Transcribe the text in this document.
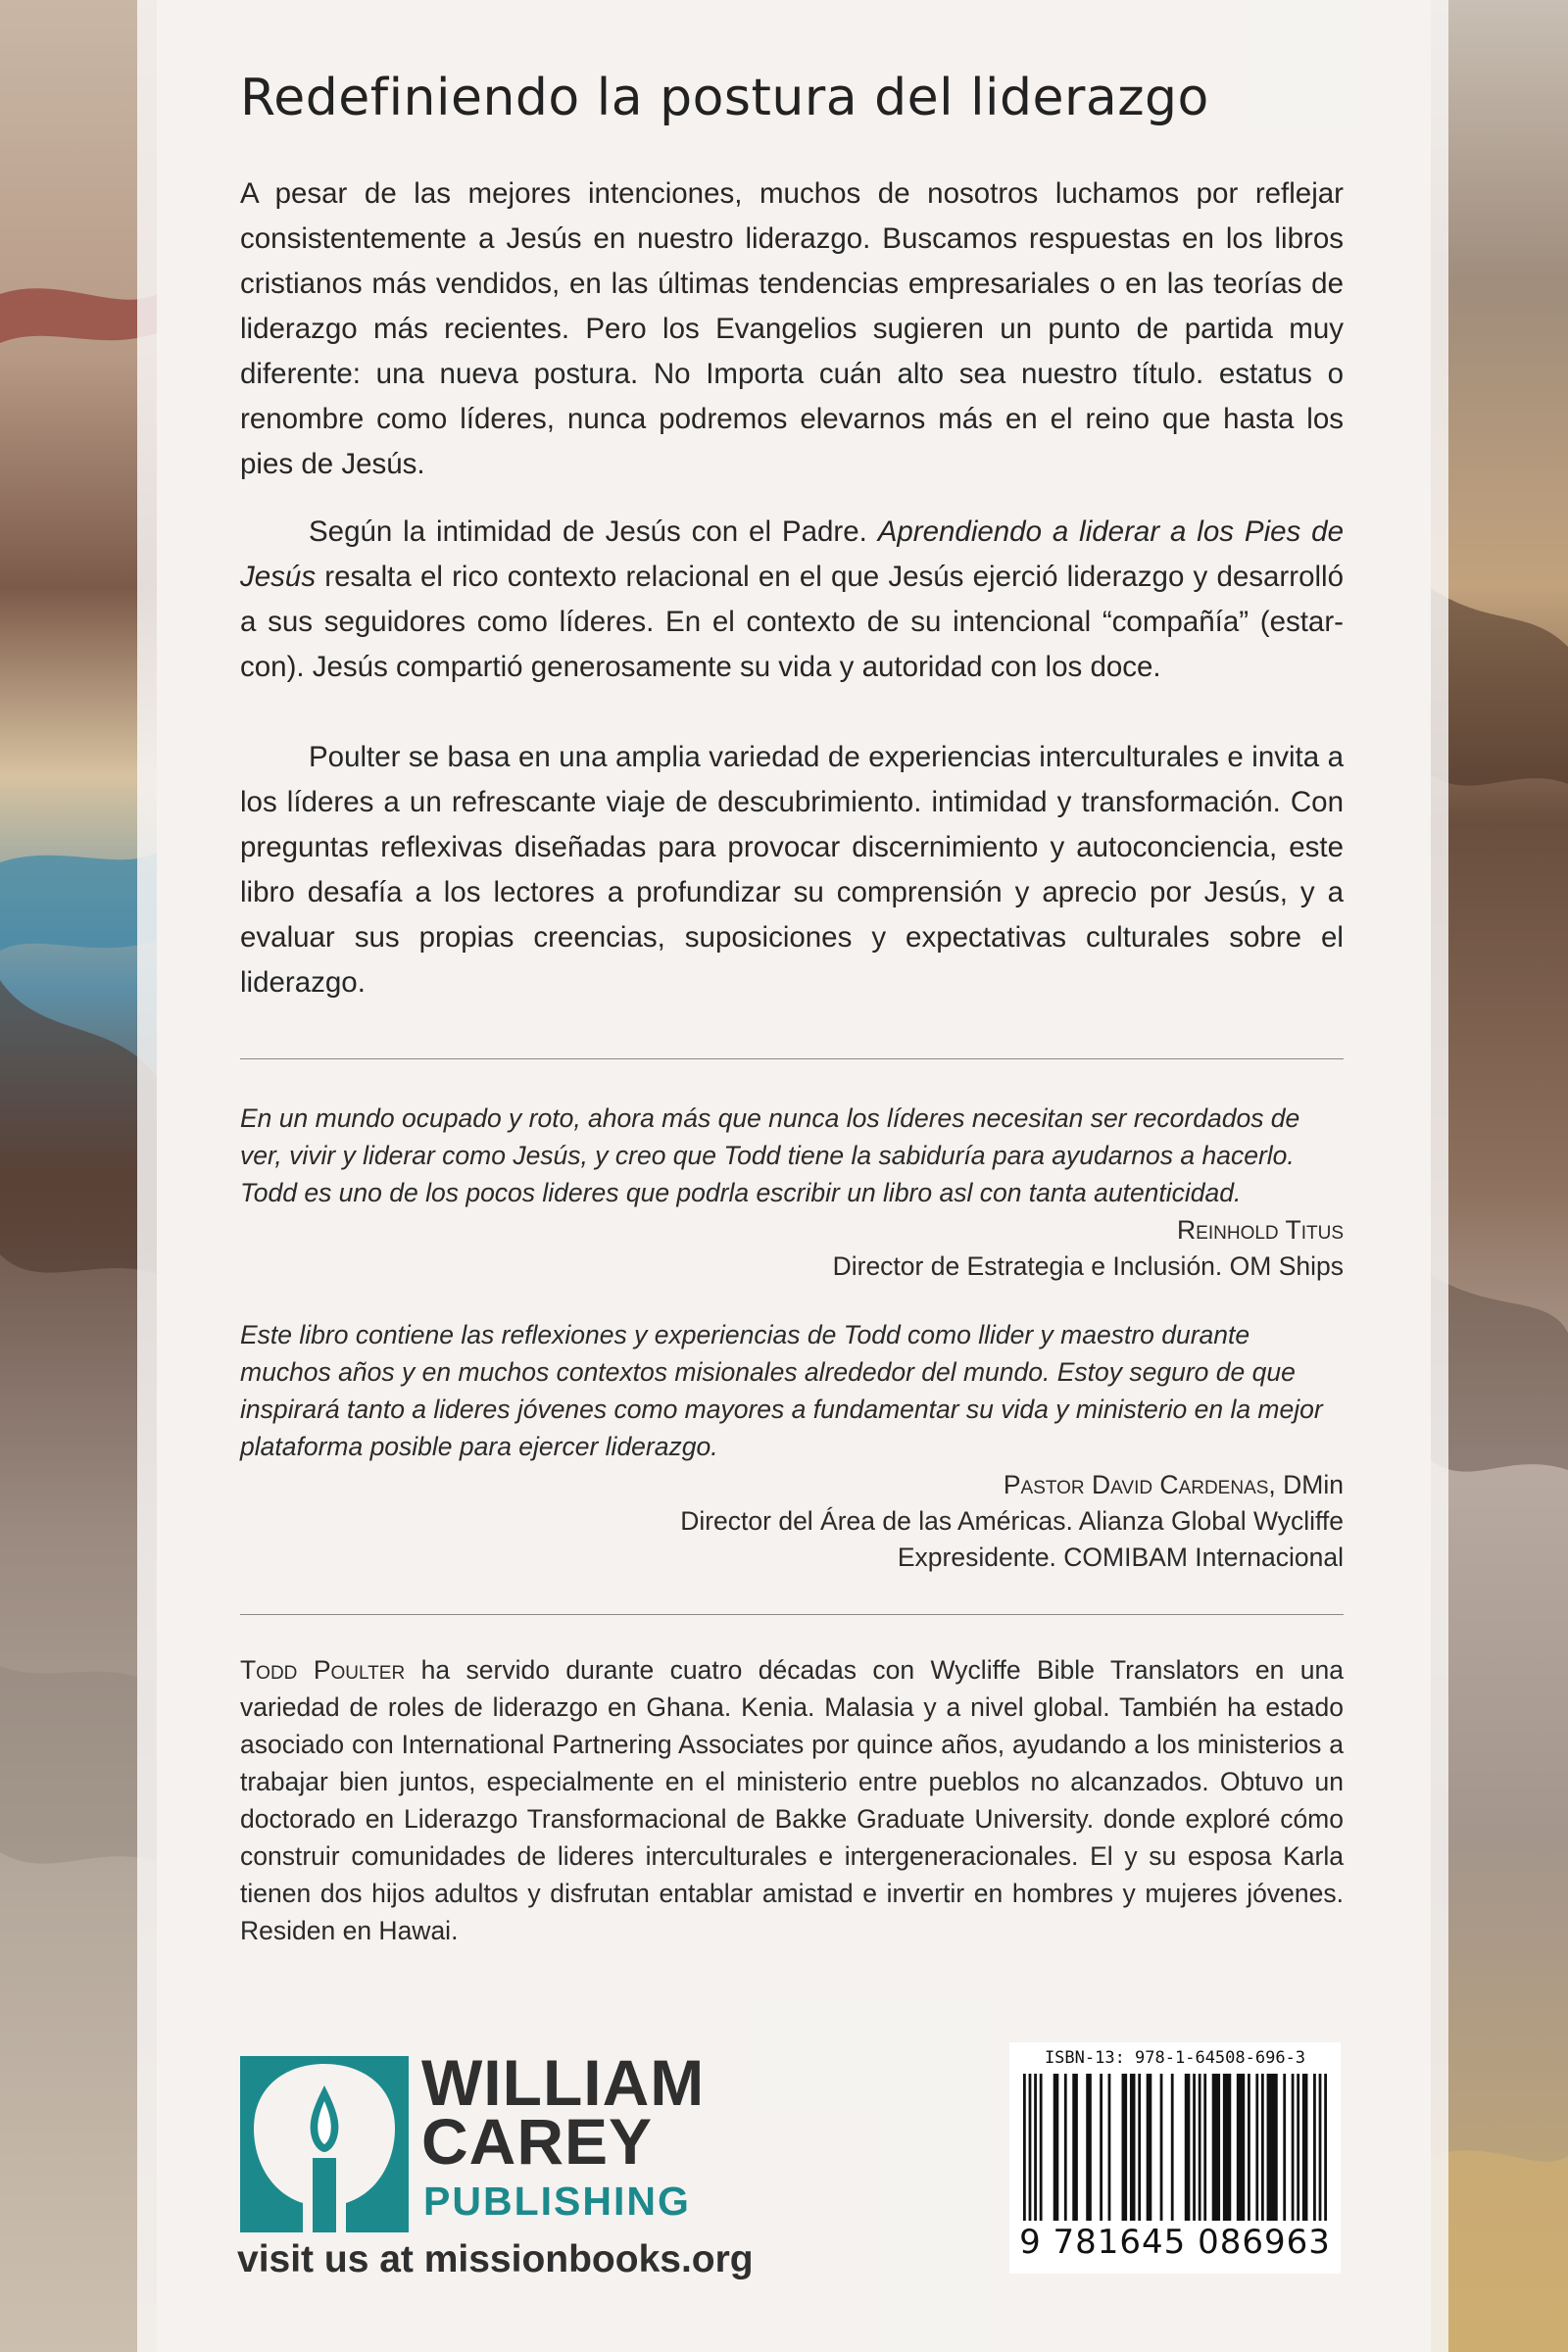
Redefiniendo la postura del liderazgo

A pesar de las mejores intenciones, muchos de nosotros luchamos por reflejar consistentemente a Jesús en nuestro liderazgo. Buscamos respuestas en los libros cristianos más vendidos, en las últimas tendencias empresariales o en las teorías de liderazgo más recientes. Pero los Evangelios sugieren un punto de partida muy diferente: una nueva postura. No Importa cuán alto sea nuestro título. estatus o renombre como líderes, nunca podremos elevarnos más en el reino que hasta los pies de Jesús.

Según la intimidad de Jesús con el Padre. Aprendiendo a liderar a los Pies de Jesús resalta el rico contexto relacional en el que Jesús ejerció liderazgo y desarrolló a sus seguidores como líderes. En el contexto de su intencional “compañía” (estar-con). Jesús compartió generosamente su vida y autoridad con los doce.

Poulter se basa en una amplia variedad de experiencias interculturales e invita a los líderes a un refrescante viaje de descubrimiento. intimidad y transformación. Con preguntas reflexivas diseñadas para provocar discernimiento y autoconciencia, este libro desafía a los lectores a profundizar su comprensión y aprecio por Jesús, y a evaluar sus propias creencias, suposiciones y expectativas culturales sobre el liderazgo.

En un mundo ocupado y roto, ahora más que nunca los líderes necesitan ser recordados de ver, vivir y liderar como Jesús, y creo que Todd tiene la sabiduría para ayudarnos a hacerlo. Todd es uno de los pocos lideres que podrla escribir un libro asl con tanta autenticidad.

Reinhold Titus
Director de Estrategia e Inclusión. OM Ships

Este libro contiene las reflexiones y experiencias de Todd como llider y maestro durante muchos años y en muchos contextos misionales alrededor del mundo. Estoy seguro de que inspirará tanto a lideres jóvenes como mayores a fundamentar su vida y ministerio en la mejor plataforma posible para ejercer liderazgo.

Pastor David Cardenas, DMin
Director del Área de las Américas. Alianza Global Wycliffe
Expresidente. COMIBAM Internacional

Todd Poulter ha servido durante cuatro décadas con Wycliffe Bible Translators en una variedad de roles de liderazgo en Ghana. Kenia. Malasia y a nivel global. También ha estado asociado con International Partnering Associates por quince años, ayudando a los ministerios a trabajar bien juntos, especialmente en el ministerio entre pueblos no alcanzados. Obtuvo un doctorado en Liderazgo Transformacional de Bakke Graduate University. donde exploré cómo construir comunidades de lideres interculturales e intergeneracionales. El y su esposa Karla tienen dos hijos adultos y disfrutan entablar amistad e invertir en hombres y mujeres jóvenes. Residen en Hawai.

WILLIAM
CAREY
PUBLISHING
visit us at missionbooks.org
ISBN-13: 978-1-64508-696-3
9 781645 086963
